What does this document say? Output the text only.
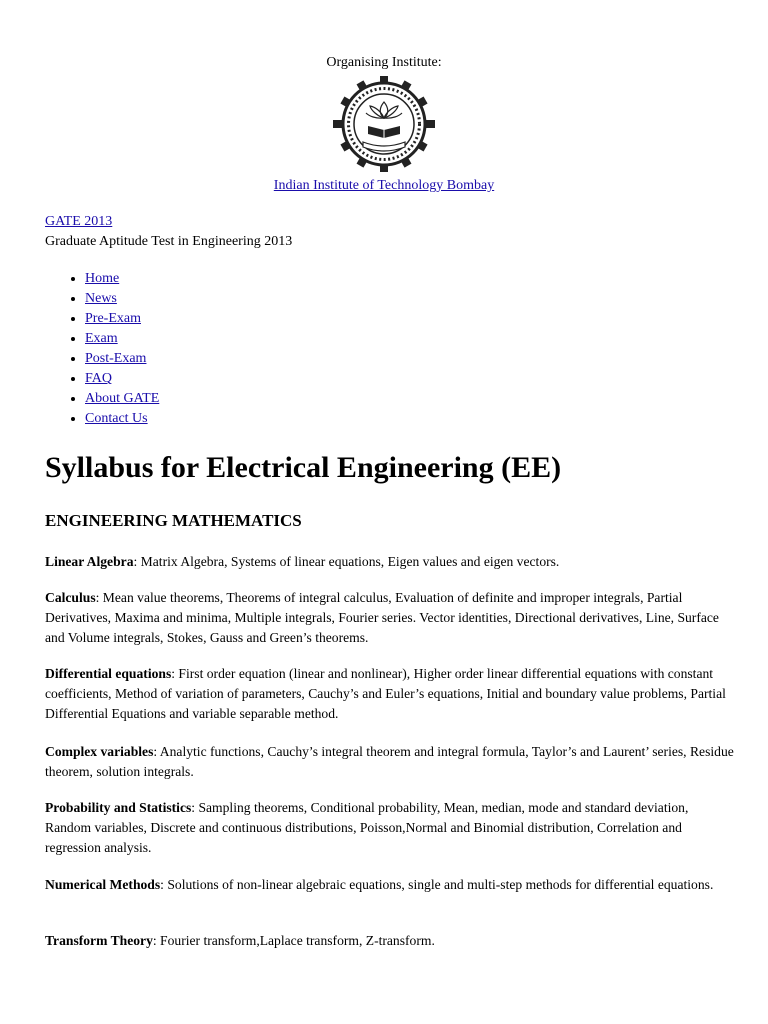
Organising Institute:
Indian Institute of Technology Bombay
GATE 2013
Graduate Aptitude Test in Engineering 2013
• Home
• News
• Pre-Exam
• Exam
• Post-Exam
• FAQ
• About GATE
• Contact Us
Syllabus for Electrical Engineering (EE)
ENGINEERING MATHEMATICS

Linear Algebra: Matrix Algebra, Systems of linear equations, Eigen values and eigen vectors.

Calculus: Mean value theorems, Theorems of integral calculus, Evaluation of definite and improper integrals, Partial Derivatives, Maxima and minima, Multiple integrals, Fourier series. Vector identities, Directional derivatives, Line, Surface and Volume integrals, Stokes, Gauss and Green’s theorems.

Differential equations: First order equation (linear and nonlinear), Higher order linear differential equations with constant coefficients, Method of variation of parameters, Cauchy’s and Euler’s equations, Initial and boundary value problems, Partial Differential Equations and variable separable method.

Complex variables: Analytic functions, Cauchy’s integral theorem and integral formula, Taylor’s and Laurent’ series, Residue theorem, solution integrals.

Probability and Statistics: Sampling theorems, Conditional probability, Mean, median, mode and standard deviation, Random variables, Discrete and continuous distributions, Poisson,Normal and Binomial distribution, Correlation and regression analysis.

Numerical Methods: Solutions of non-linear algebraic equations, single and multi-step methods for differential equations.

Transform Theory: Fourier transform,Laplace transform, Z-transform.
